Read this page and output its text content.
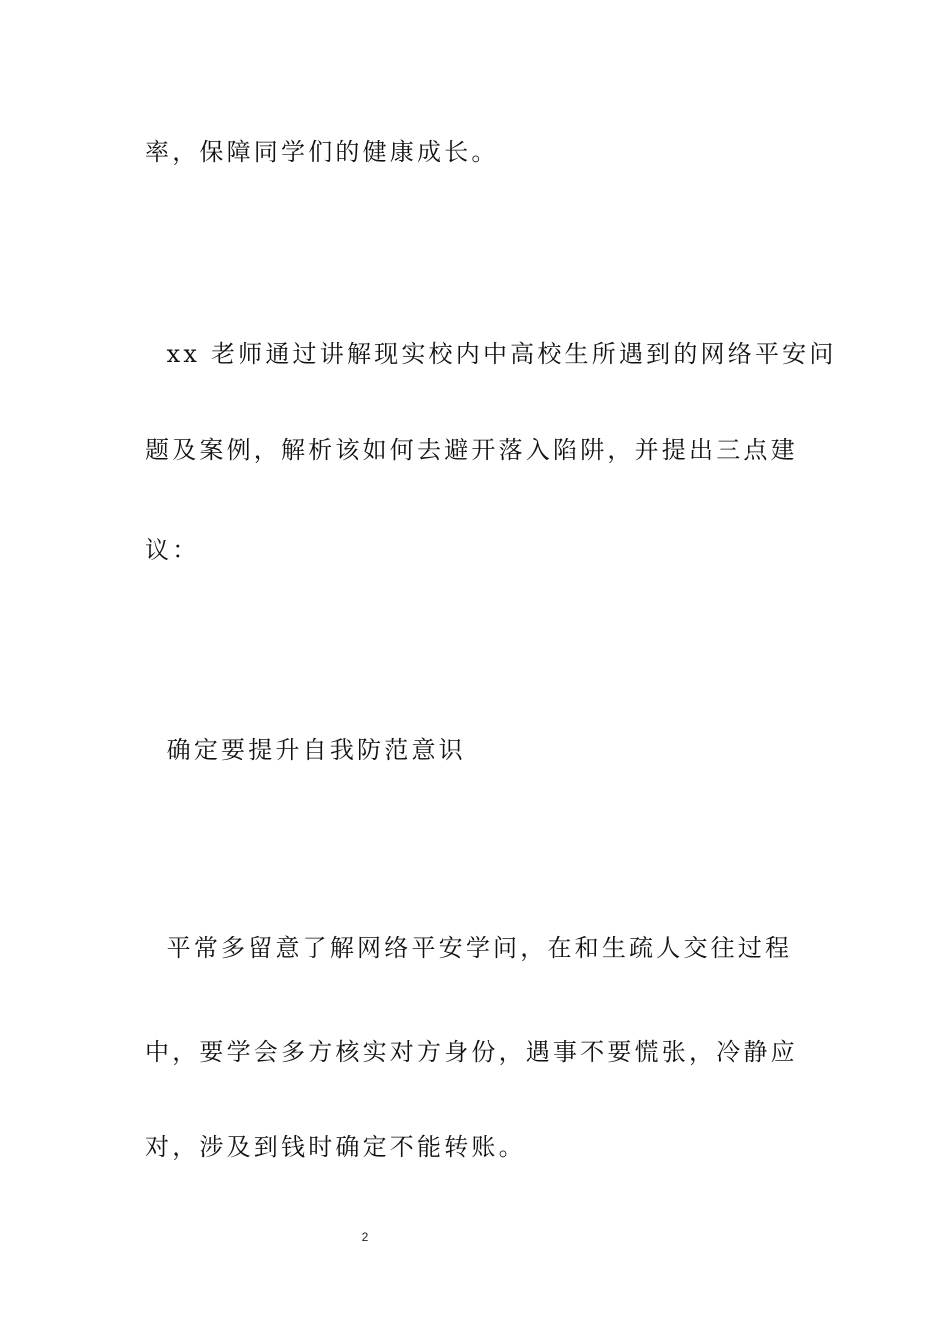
率，保障同学们的健康成长。
xx 老师通过讲解现实校内中高校生所遇到的网络平安问
题及案例，解析该如何去避开落入陷阱，并提出三点建
议：
确定要提升自我防范意识
平常多留意了解网络平安学问，在和生疏人交往过程
中，要学会多方核实对方身份，遇事不要慌张，冷静应
对，涉及到钱时确定不能转账。
2
